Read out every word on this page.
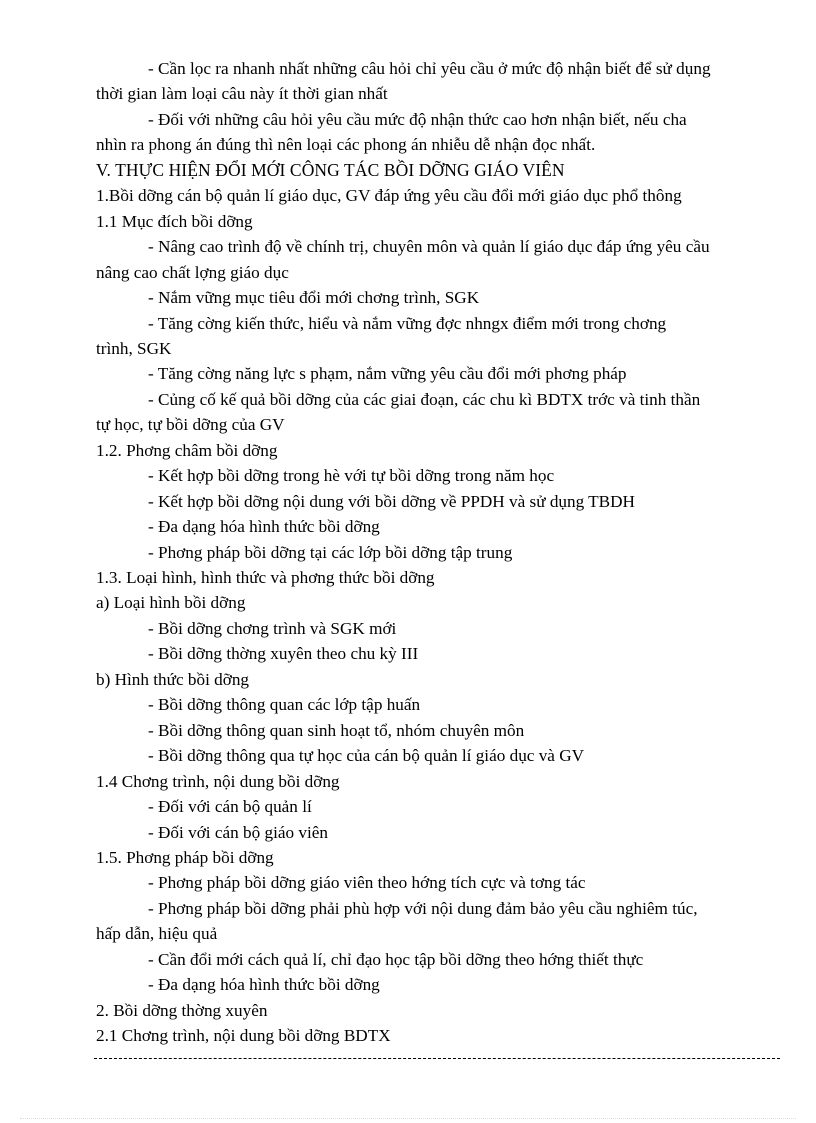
- Cần lọc ra nhanh nhất những câu hỏi chỉ yêu cầu ở mức độ nhận biết để sử dụng
thời gian làm loại câu này ít thời gian nhất
- Đối với những câu hỏi yêu cầu mức độ nhận thức cao hơn nhận biết, nếu cha
nhìn ra phong án đúng thì nên loại các phong án nhiễu dễ nhận đọc nhất.
V. THỰC HIỆN ĐỔI MỚI CÔNG TÁC BỒI DỠNG GIÁO VIÊN
1.Bồi dỡng cán bộ quản lí giáo dục, GV đáp ứng yêu cầu đổi mới giáo dục phổ thông
1.1 Mục đích bồi dỡng
- Nâng cao trình độ về chính trị, chuyên môn và quản lí giáo dục đáp ứng yêu cầu
nâng cao chất lợng giáo dục
- Nắm vững mục tiêu đổi mới chơng trình, SGK
- Tăng cờng kiến thức, hiểu và nắm vững đợc nhngx điểm mới trong chơng
trình, SGK
- Tăng cờng năng lực s phạm, nắm vững yêu cầu đổi mới phơng pháp
- Củng cố kế quả bồi dỡng của các giai đoạn, các chu kì BDTX trớc và tinh thần
tự học, tự bồi dỡng của GV
1.2. Phơng châm bồi dỡng
- Kết hợp bồi dỡng trong hè với tự bồi dỡng trong năm học
- Kết hợp bồi dỡng nội dung với bồi dỡng về PPDH và sử dụng TBDH
- Đa dạng hóa hình thức bồi dỡng
- Phơng pháp bồi dỡng tại các lớp bồi dỡng tập trung
1.3. Loại hình, hình thức và phơng thức bồi dỡng
a) Loại hình bồi dỡng
- Bồi dỡng chơng trình và SGK mới
- Bồi dỡng thờng xuyên theo chu kỳ III
b) Hình thức bồi dỡng
- Bồi dỡng thông quan các lớp tập huấn
- Bồi dỡng thông quan sinh hoạt tổ, nhóm chuyên môn
- Bồi dỡng thông qua tự học của cán bộ quản lí giáo dục và GV
1.4 Chơng trình, nội dung bồi dỡng
- Đối với cán bộ quản lí
- Đối với cán bộ giáo viên
1.5. Phơng pháp bồi dỡng
- Phơng pháp bồi dỡng giáo viên theo hớng tích cực và tơng tác
- Phơng pháp bồi dỡng phải phù hợp với nội dung đảm bảo yêu cầu nghiêm túc,
hấp dẫn, hiệu quả
- Cần đổi mới cách quả lí, chỉ đạo học tập bồi dỡng theo hớng thiết thực
- Đa dạng hóa hình thức bồi dỡng
2. Bồi dỡng thờng xuyên
2.1 Chơng trình, nội dung bồi dỡng BDTX
